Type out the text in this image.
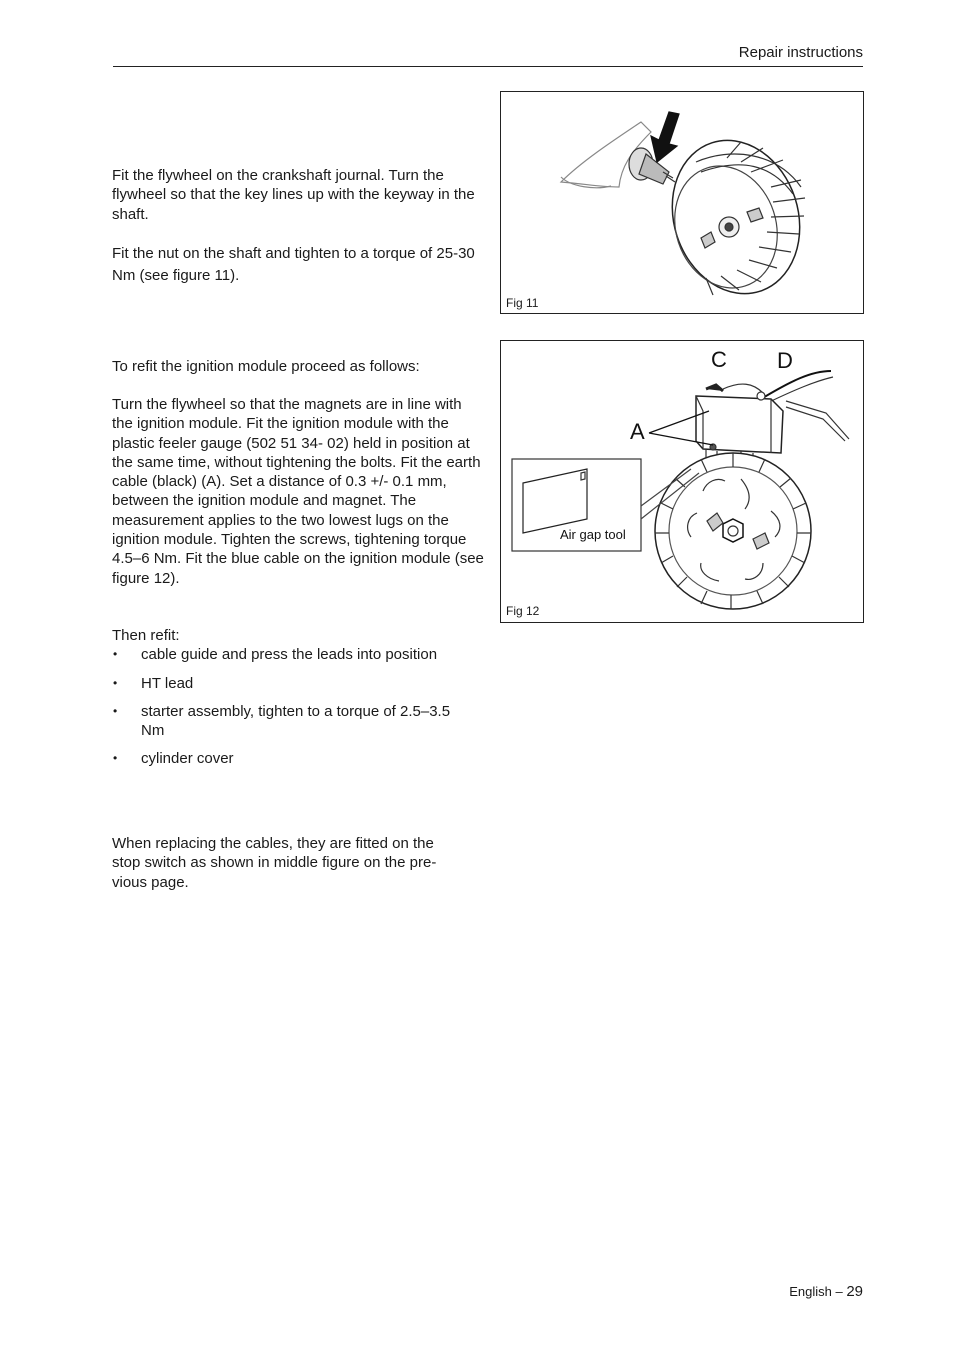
Repair instructions

Fit the flywheel on the crankshaft journal. Turn the flywheel so that the key lines up with the keyway in the shaft.

Fit the nut on the shaft and tighten to a torque of 25-30 Nm (see figure 11).

To refit the ignition module proceed as follows:

Turn the flywheel so that the magnets are in line with the ignition module. Fit the ignition module with the plastic feeler gauge (502 51 34- 02) held in position at the same time, without tightening the bolts. Fit the earth cable (black) (A). Set a distance of 0.3 +/- 0.1 mm, between the ignition module and magnet. The measurement applies to the two lowest lugs on the ignition module. Tighten the screws, tightening torque 4.5–6 Nm. Fit the blue cable on the ignition module (see figure 12).

Then refit:
• cable guide and press the leads into position
• HT lead
• starter assembly, tighten to a torque of 2.5–3.5 Nm
• cylinder cover

When replacing the cables, they are fitted on the stop switch as shown in middle figure on the pre-vious page.

Fig 11
C D
A
Air gap tool
Fig 12
English – 29
